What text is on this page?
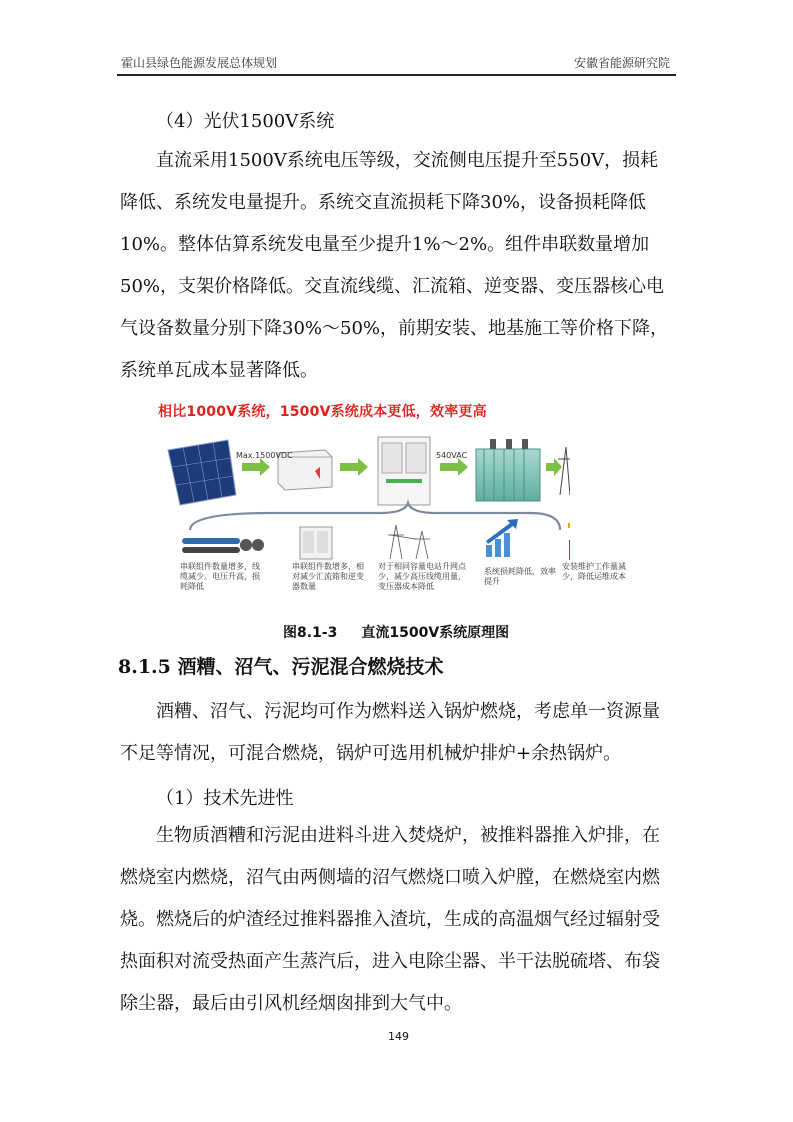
霍山县绿色能源发展总体规划	安徽省能源研究院
（4）光伏1500V系统
直流采用1500V系统电压等级，交流侧电压提升至550V，损耗降低、系统发电量提升。系统交直流损耗下降30%，设备损耗降低10%。整体估算系统发电量至少提升1%～2%。组件串联数量增加50%，支架价格降低。交直流线缆、汇流箱、逆变器、变压器核心电气设备数量分别下降30%～50%，前期安装、地基施工等价格下降，系统单瓦成本显著降低。
相比1000V系统，1500V系统成本更低，效率更高
Max.1500VDC	540VAC
串联组件数量增多，线缆减少。电压升高，损耗降低
串联组件数增多，相对减少汇流箱和逆变器数量
对于相同容量电站升网点少，减少高压线缆用量，变压器成本降低
系统损耗降低，效率提升
安装维护工作量减少，降低运维成本
图8.1-3 直流1500V系统原理图
8.1.5 酒糟、沼气、污泥混合燃烧技术
酒糟、沼气、污泥均可作为燃料送入锅炉燃烧，考虑单一资源量不足等情况，可混合燃烧，锅炉可选用机械炉排炉+余热锅炉。
（1）技术先进性
生物质酒糟和污泥由进料斗进入焚烧炉，被推料器推入炉排，在燃烧室内燃烧，沼气由两侧墙的沼气燃烧口喷入炉膛，在燃烧室内燃烧。燃烧后的炉渣经过推料器推入渣坑，生成的高温烟气经过辐射受热面积对流受热面产生蒸汽后，进入电除尘器、半干法脱硫塔、布袋除尘器，最后由引风机经烟囱排到大气中。
149
